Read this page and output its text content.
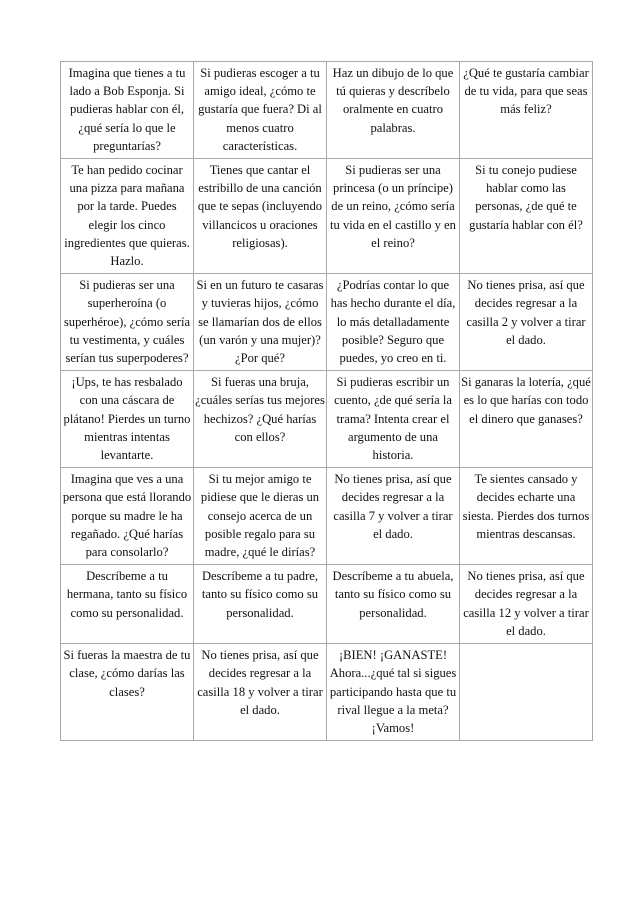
Imagina que tienes a tu lado a Bob Esponja. Si pudieras hablar con él, ¿qué sería lo que le preguntarías?	Si pudieras escoger a tu amigo ideal, ¿cómo te gustaría que fuera? Di al menos cuatro características.	Haz un dibujo de lo que tú quieras y descríbelo oralmente en cuatro palabras.	¿Qué te gustaría cambiar de tu vida, para que seas más feliz?

Te han pedido cocinar una pizza para mañana por la tarde. Puedes elegir los cinco ingredientes que quieras. Hazlo.	Tienes que cantar el estribillo de una canción que te sepas (incluyendo villancicos u oraciones religiosas).	Si pudieras ser una princesa (o un príncipe) de un reino, ¿cómo sería tu vida en el castillo y en el reino?	Si tu conejo pudiese hablar como las personas, ¿de qué te gustaría hablar con él?

Si pudieras ser una superheroína (o superhéroe), ¿cómo sería tu vestimenta, y cuáles serían tus superpoderes?	Si en un futuro te casaras y tuvieras hijos, ¿cómo se llamarían dos de ellos (un varón y una mujer)? ¿Por qué?	¿Podrías contar lo que has hecho durante el día, lo más detalladamente posible? Seguro que puedes, yo creo en ti.	No tienes prisa, así que decides regresar a la casilla 2 y volver a tirar el dado.

¡Ups, te has resbalado con una cáscara de plátano! Pierdes un turno mientras intentas levantarte.	Si fueras una bruja, ¿cuáles serías tus mejores hechizos? ¿Qué harías con ellos?	Si pudieras escribir un cuento, ¿de qué sería la trama? Intenta crear el argumento de una historia.	Si ganaras la lotería, ¿qué es lo que harías con todo el dinero que ganases?

Imagina que ves a una persona que está llorando porque su madre le ha regañado. ¿Qué harías para consolarlo?	Si tu mejor amigo te pidiese que le dieras un consejo acerca de un posible regalo para su madre, ¿qué le dirías?	No tienes prisa, así que decides regresar a la casilla 7 y volver a tirar el dado.	Te sientes cansado y decides echarte una siesta. Pierdes dos turnos mientras descansas.

Descríbeme a tu hermana, tanto su físico como su personalidad.	Descríbeme a tu padre, tanto su físico como su personalidad.	Descríbeme a tu abuela, tanto su físico como su personalidad.	No tienes prisa, así que decides regresar a la casilla 12 y volver a tirar el dado.

Si fueras la maestra de tu clase, ¿cómo darías las clases?	No tienes prisa, así que decides regresar a la casilla 18 y volver a tirar el dado.	¡BIEN! ¡GANASTE! Ahora...¿qué tal si sigues participando hasta que tu rival llegue a la meta? ¡Vamos!	
